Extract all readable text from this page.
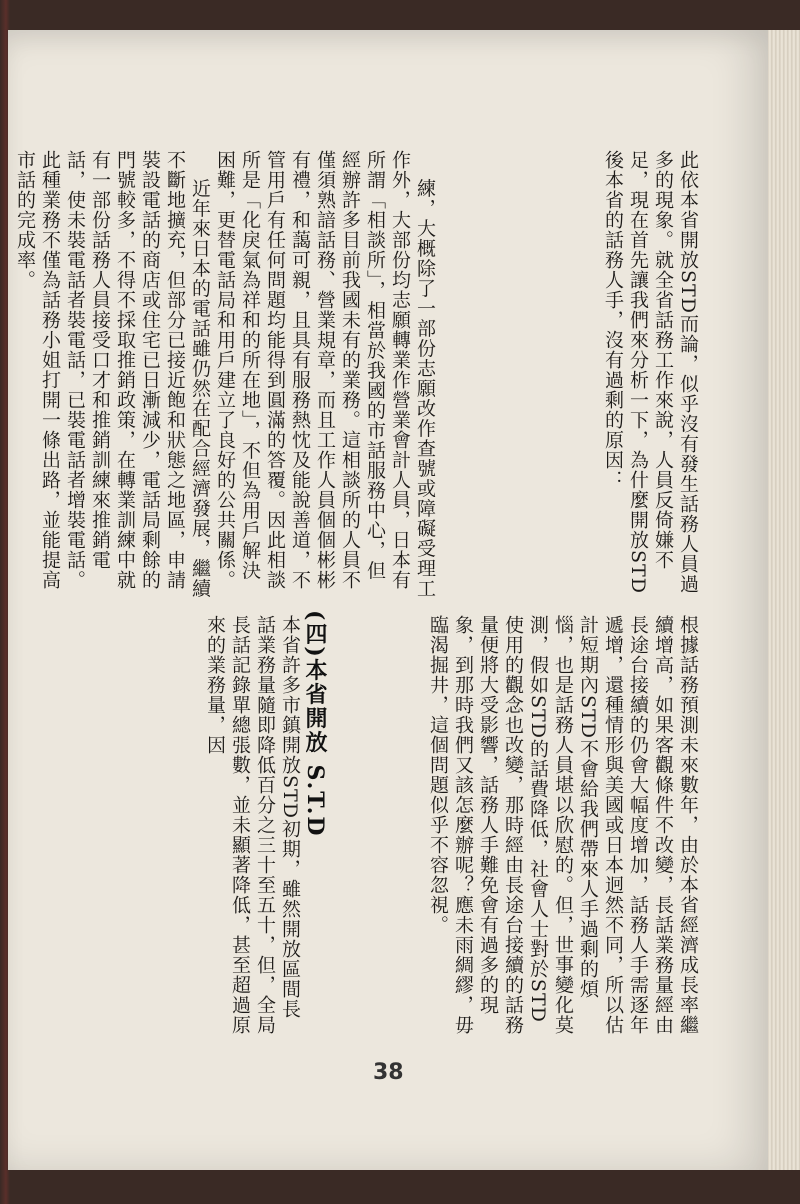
練，大概除了一部份志願改作查號或障礙受理工作外，大部份均志願轉業作營業會計人員，日本有所謂「相談所」，相當於我國的市話服務中心，但經辦許多目前我國未有的業務。這相談所的人員不僅須熟諳話務、營業規章，而且工作人員個個彬彬有禮，和藹可親，且具有服務熱忱及能說善道，不管用戶有任何問題均能得到圓滿的答覆。因此相談所是「化戾氣為祥和的所在地」，不但為用戶解決困難，更替電話局和用戶建立了良好的公共關係。
近年來日本的電話雖仍然在配合經濟發展，繼續不斷地擴充，但部分已接近飽和狀態之地區，申請裝設電話的商店或住宅已日漸減少，電話局剩餘的門號較多，不得不採取推銷政策，在轉業訓練中就有一部份話務人員接受口才和推銷訓練來推銷電話，使未裝電話者裝電話，已裝電話者增裝電話。此種業務不僅為話務小姐打開一條出路，並能提高市話的完成率。
	此依本省開放STD而論，似乎沒有發生話務人員過多的現象。就全省話務工作來說，人員反倚嫌不足，現在首先讓我們來分析一下，為什麼開放STD後本省的話務人手，沒有過剩的原因：
(四)本省開放 S.T.D
本省許多市鎮開放STD初期，雖然開放區間長話業務量隨即降低百分之三十至五十，但，全局長話記錄單總張數，並未顯著降低，甚至超過原來的業務量，因	根據話務預測未來數年，由於本省經濟成長率繼續增高，如果客觀條件不改變，長話業務量經由長途台接續的仍會大幅度增加，話務人手需逐年遞增，還種情形與美國或日本迥然不同，所以估計短期內STD不會給我們帶來人手過剩的煩惱，也是話務人員堪以欣慰的。但，世事變化莫測，假如STD的話費降低，社會人士對於STD使用的觀念也改變，那時經由長途台接續的話務量便將大受影響，話務人手難免會有過多的現象，到那時我們又該怎麼辦呢？應未雨綢繆，毋臨渴掘井，這個問題似乎不容忽視。
38
